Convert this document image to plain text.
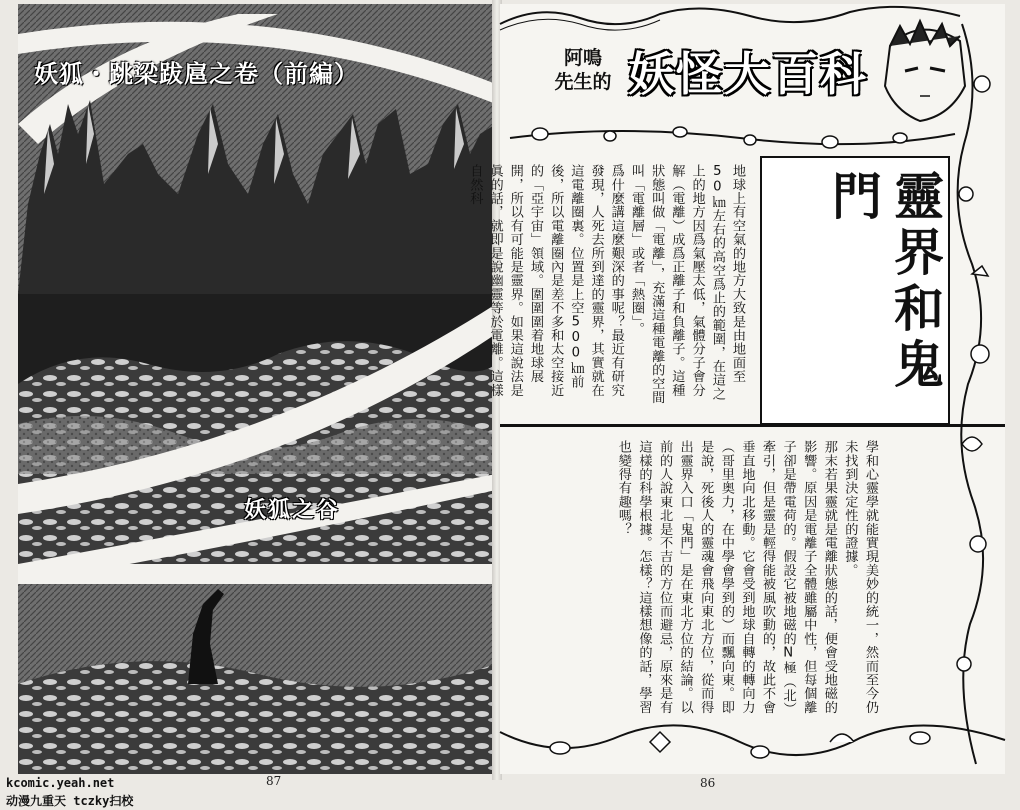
妖狐・跳梁跋扈之卷（前編）
妖狐之谷
阿鳴
先生的 妖怪大百科

地球上有空氣的地方大致是由地面至50㎞左右的高空爲止的範圍，在這之上的地方因爲氣壓太低，氣體分子會分解（電離）成爲正離子和負離子。這種狀態叫做「電離」，充滿這種電離的空間叫「電離層」或者「熱圈」。

爲什麼講這麼艱深的事呢？最近有研究發現，人死去所到達的靈界，其實就在這電離圈裏。位置是上空500㎞前後，所以電離圈內是差不多和太空接近的「亞宇宙」領域。圍圍圍着地球展開，所以有可能是靈界。如果這說法是眞的話，就即是說幽靈等於電離。這樣自然科	靈界和鬼門

學和心靈學就能實現美妙的統一，然而至今仍未找到決定性的證據。

那末若果靈就是電離狀態的話，便會受地磁的影響。原因是電離子全體雖屬中性，但每個離子卻是帶電荷的。假設它被地磁的N極（北）牽引，但是靈是輕得能被風吹動的，故此不會垂直地向北移動。它會受到地球自轉的轉向力（哥里奥力，在中學會學到的）而飄向東。即是說，死後人的靈魂會飛向東北方位，從而得出靈界入口「鬼門」是在東北方位的結論。以前的人說東北是不吉的方位而避忌，原來是有這樣的科學根據。怎樣？這樣想像的話，學習也變得有趣嗎？

87	86
kcomic.yeah.net
动漫九重天 tczky扫校
